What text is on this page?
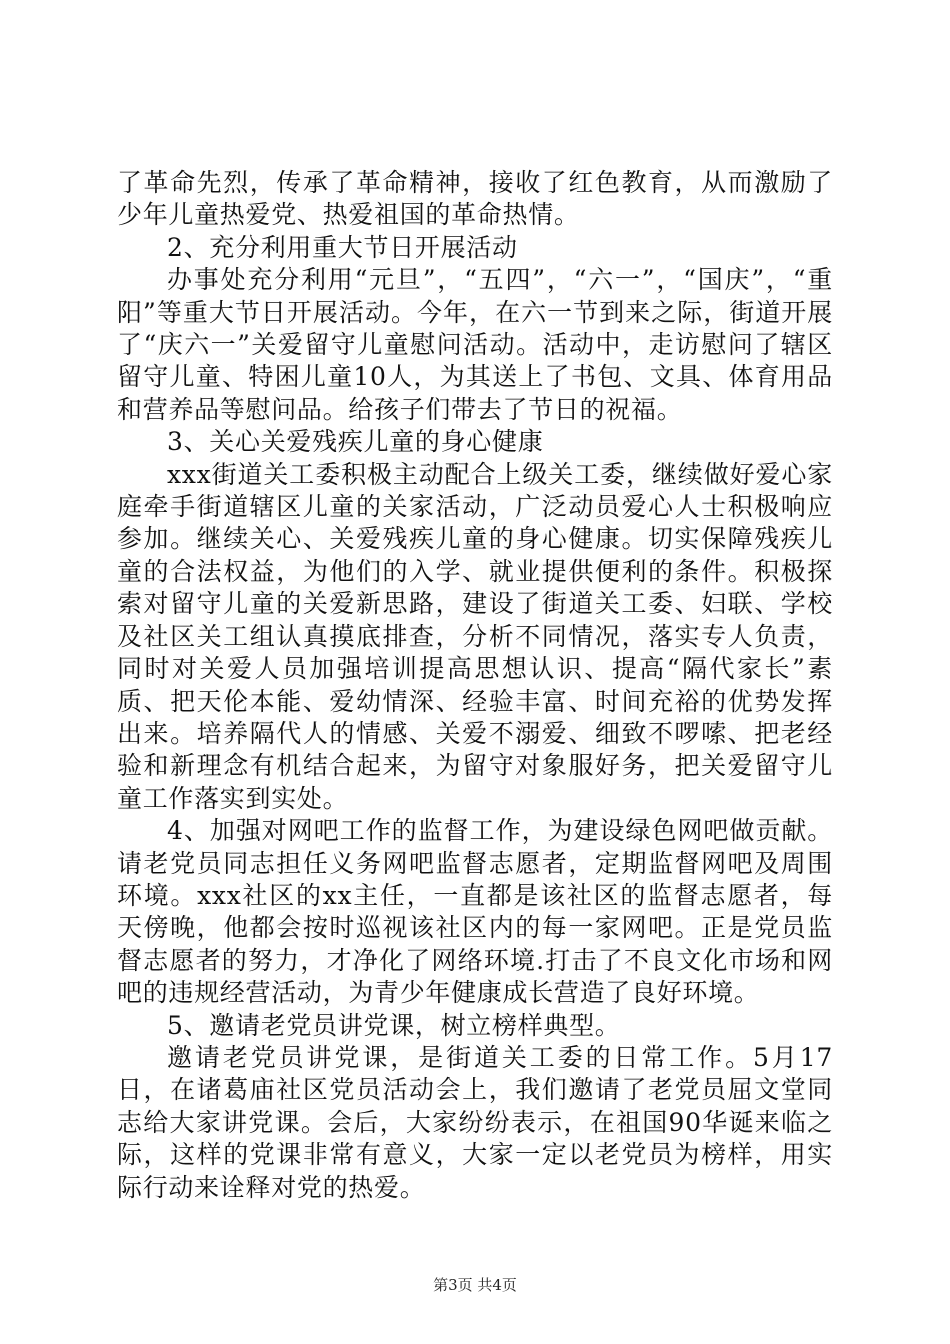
了革命先烈，传承了革命精神，接收了红色教育，从而激励了少年儿童热爱党、热爱祖国的革命热情。

2、充分利用重大节日开展活动

办事处充分利用“元旦”，“五四”，“六一”，“国庆”，“重阳”等重大节日开展活动。今年，在六一节到来之际，街道开展了“庆六一”关爱留守儿童慰问活动。活动中，走访慰问了辖区留守儿童、特困儿童10人，为其送上了书包、文具、体育用品和营养品等慰问品。给孩子们带去了节日的祝福。

3、关心关爱残疾儿童的身心健康

xxx街道关工委积极主动配合上级关工委，继续做好爱心家庭牵手街道辖区儿童的关家活动，广泛动员爱心人士积极响应参加。继续关心、关爱残疾儿童的身心健康。切实保障残疾儿童的合法权益，为他们的入学、就业提供便利的条件。积极探索对留守儿童的关爱新思路，建设了街道关工委、妇联、学校及社区关工组认真摸底排查，分析不同情况，落实专人负责，同时对关爱人员加强培训提高思想认识、提高“隔代家长”素质、把天伦本能、爱幼情深、经验丰富、时间充裕的优势发挥出来。培养隔代人的情感、关爱不溺爱、细致不啰嗦、把老经验和新理念有机结合起来，为留守对象服好务，把关爱留守儿童工作落实到实处。

4、加强对网吧工作的监督工作，为建设绿色网吧做贡献。请老党员同志担任义务网吧监督志愿者，定期监督网吧及周围环境。xxx社区的xx主任，一直都是该社区的监督志愿者，每天傍晚，他都会按时巡视该社区内的每一家网吧。正是党员监督志愿者的努力，才净化了网络环境.打击了不良文化市场和网吧的违规经营活动，为青少年健康成长营造了良好环境。

5、邀请老党员讲党课，树立榜样典型。

邀请老党员讲党课，是街道关工委的日常工作。5月17日，在诸葛庙社区党员活动会上，我们邀请了老党员屈文堂同志给大家讲党课。会后，大家纷纷表示，在祖国90华诞来临之际，这样的党课非常有意义，大家一定以老党员为榜样，用实际行动来诠释对党的热爱。

第3页 共4页
